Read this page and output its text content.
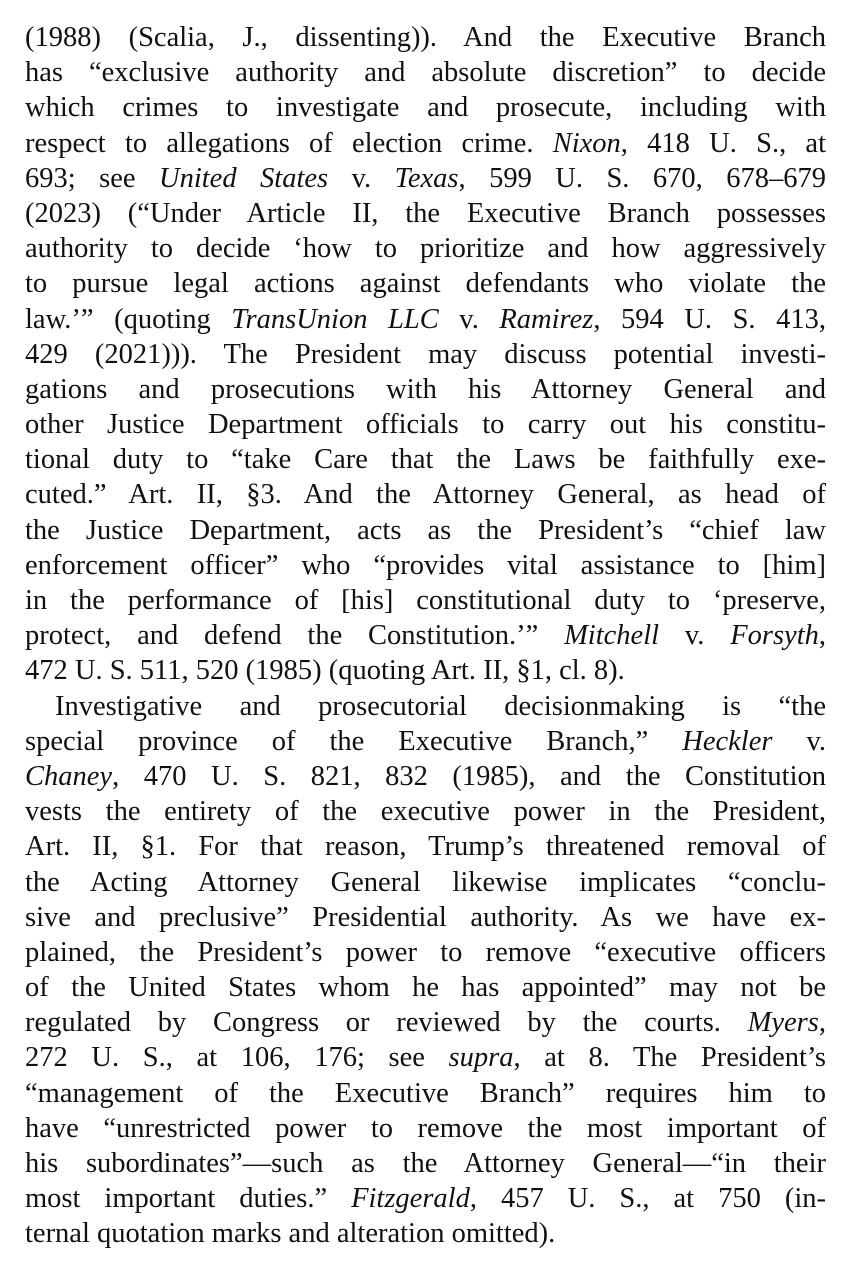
(1988) (Scalia, J., dissenting)). And the Executive Branch
has “exclusive authority and absolute discretion” to decide
which crimes to investigate and prosecute, including with
respect to allegations of election crime. Nixon, 418 U. S., at
693; see United States v. Texas, 599 U. S. 670, 678–679
(2023) (“Under Article II, the Executive Branch possesses
authority to decide ‘how to prioritize and how aggressively
to pursue legal actions against defendants who violate the
law.’” (quoting TransUnion LLC v. Ramirez, 594 U. S. 413,
429 (2021))). The President may discuss potential investi-
gations and prosecutions with his Attorney General and
other Justice Department officials to carry out his constitu-
tional duty to “take Care that the Laws be faithfully exe-
cuted.” Art. II, §3. And the Attorney General, as head of
the Justice Department, acts as the President’s “chief law
enforcement officer” who “provides vital assistance to [him]
in the performance of [his] constitutional duty to ‘preserve,
protect, and defend the Constitution.’” Mitchell v. Forsyth,
472 U. S. 511, 520 (1985) (quoting Art. II, §1, cl. 8).
Investigative and prosecutorial decisionmaking is “the
special province of the Executive Branch,” Heckler v.
Chaney, 470 U. S. 821, 832 (1985), and the Constitution
vests the entirety of the executive power in the President,
Art. II, §1. For that reason, Trump’s threatened removal of
the Acting Attorney General likewise implicates “conclu-
sive and preclusive” Presidential authority. As we have ex-
plained, the President’s power to remove “executive officers
of the United States whom he has appointed” may not be
regulated by Congress or reviewed by the courts. Myers,
272 U. S., at 106, 176; see supra, at 8. The President’s
“management of the Executive Branch” requires him to
have “unrestricted power to remove the most important of
his subordinates”—such as the Attorney General—“in their
most important duties.” Fitzgerald, 457 U. S., at 750 (in-
ternal quotation marks and alteration omitted).
